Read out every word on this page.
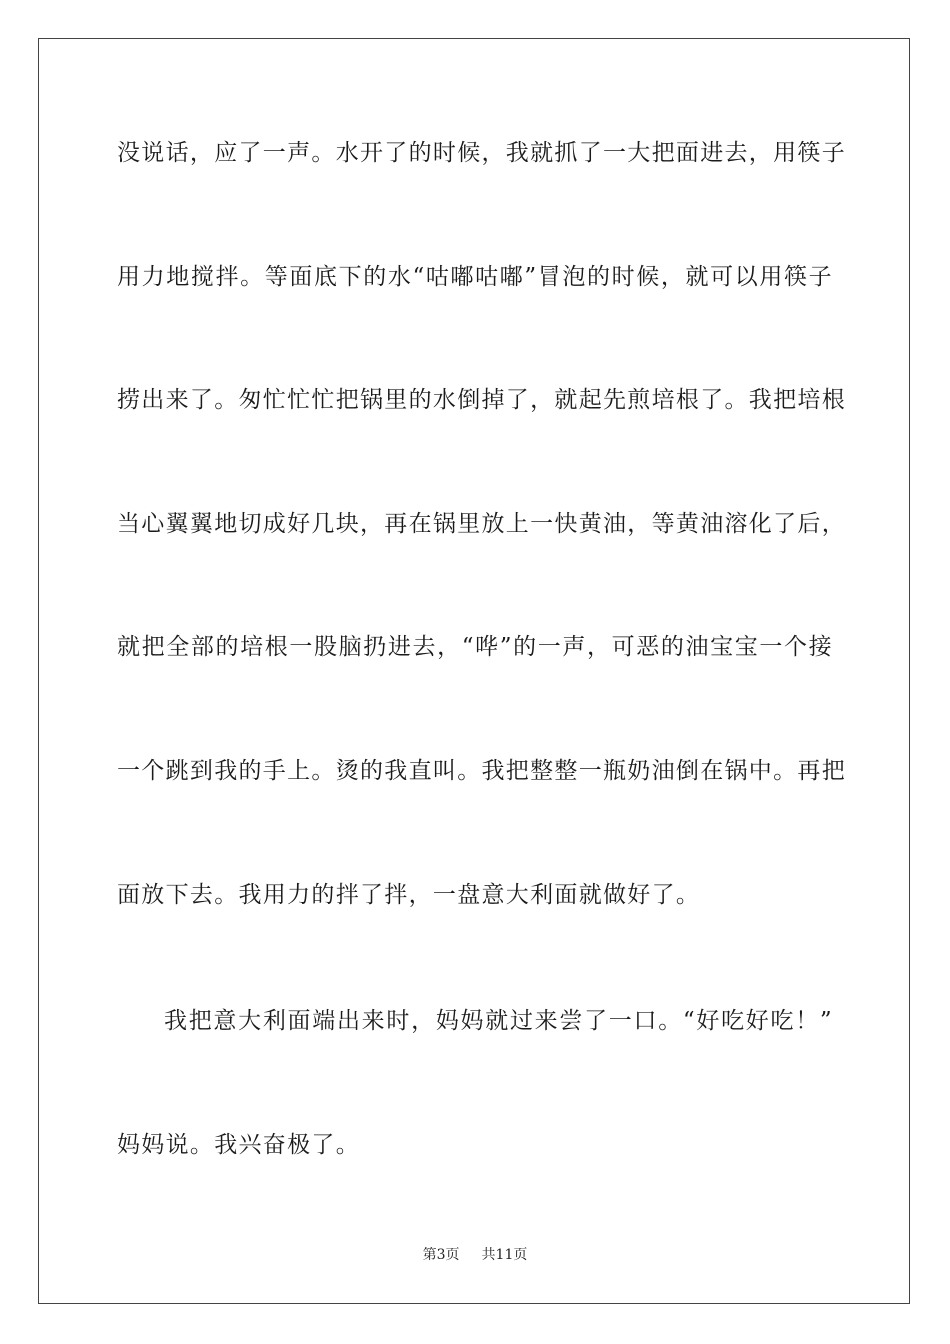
没说话，应了一声。水开了的时候，我就抓了一大把面进去，用筷子
用力地搅拌。等面底下的水“咕嘟咕嘟”冒泡的时候，就可以用筷子
捞出来了。匆忙忙忙把锅里的水倒掉了，就起先煎培根了。我把培根
当心翼翼地切成好几块，再在锅里放上一快黄油，等黄油溶化了后，
就把全部的培根一股脑扔进去，“哗”的一声，可恶的油宝宝一个接
一个跳到我的手上。烫的我直叫。我把整整一瓶奶油倒在锅中。再把
面放下去。我用力的拌了拌，一盘意大利面就做好了。
我把意大利面端出来时，妈妈就过来尝了一口。“好吃好吃！”
妈妈说。我兴奋极了。
第3页 共11页
